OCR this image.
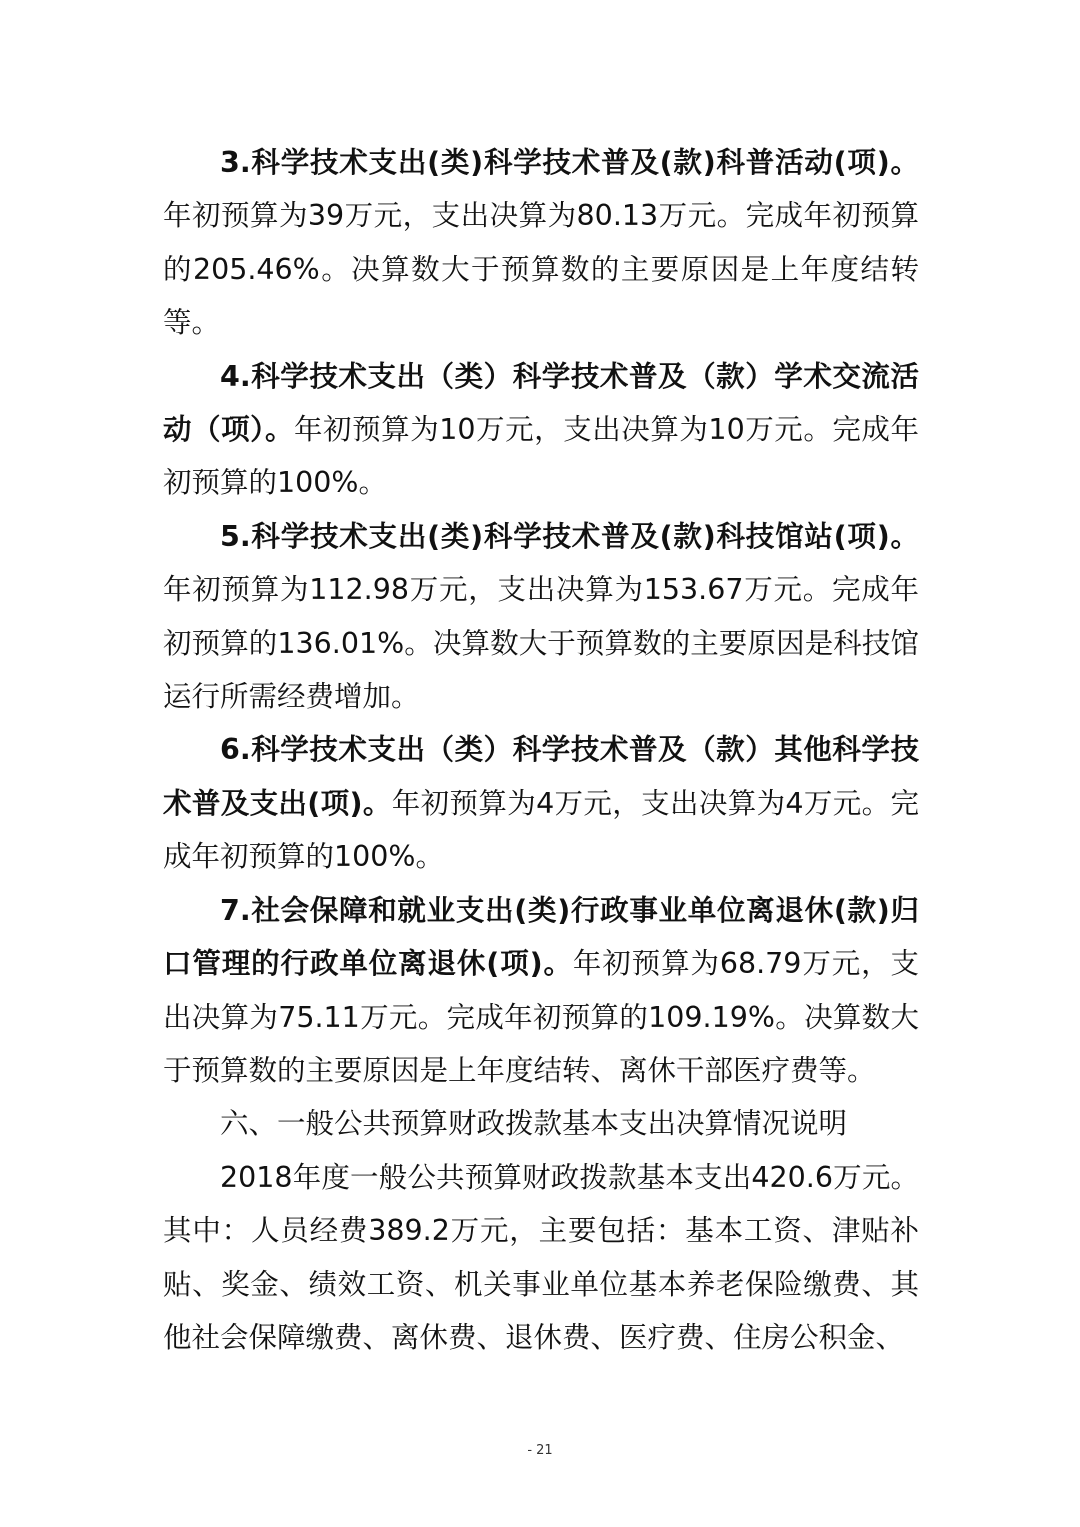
3.科学技术支出(类)科学技术普及(款)科普活动(项)。年初预算为39万元，支出决算为80.13万元。完成年初预算的205.46%。决算数大于预算数的主要原因是上年度结转等。

4.科学技术支出（类）科学技术普及（款）学术交流活动（项）。年初预算为10万元，支出决算为10万元。完成年初预算的100%。

5.科学技术支出(类)科学技术普及(款)科技馆站(项)。年初预算为112.98万元，支出决算为153.67万元。完成年初预算的136.01%。决算数大于预算数的主要原因是科技馆运行所需经费增加。

6.科学技术支出（类）科学技术普及（款）其他科学技术普及支出(项)。年初预算为4万元，支出决算为4万元。完成年初预算的100%。

7.社会保障和就业支出(类)行政事业单位离退休(款)归口管理的行政单位离退休(项)。年初预算为68.79万元，支出决算为75.11万元。完成年初预算的109.19%。决算数大于预算数的主要原因是上年度结转、离休干部医疗费等。

六、一般公共预算财政拨款基本支出决算情况说明

2018年度一般公共预算财政拨款基本支出420.6万元。其中：人员经费389.2万元，主要包括：基本工资、津贴补贴、奖金、绩效工资、机关事业单位基本养老保险缴费、其他社会保障缴费、离休费、退休费、医疗费、住房公积金、

- 21
